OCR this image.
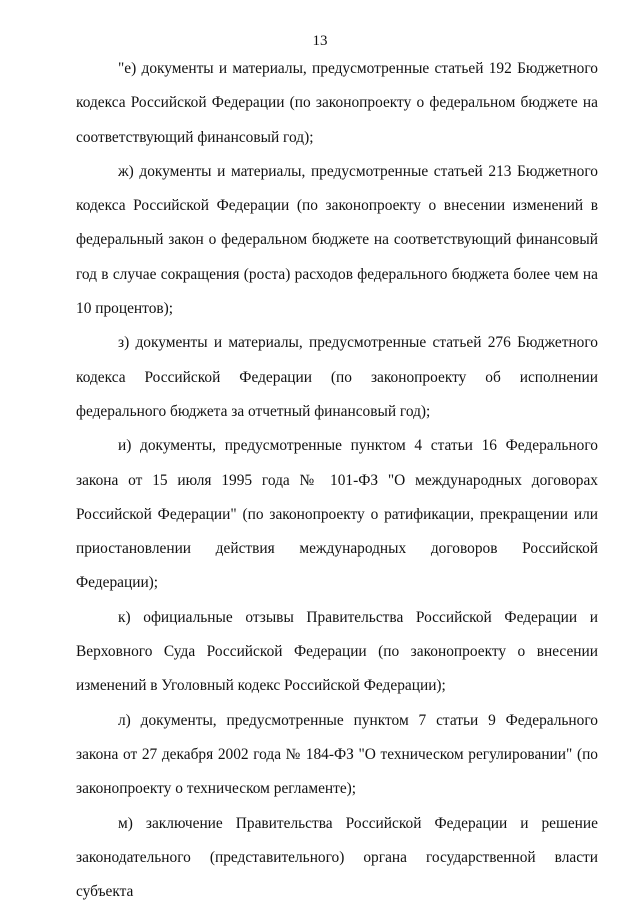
13

"е) документы и материалы, предусмотренные статьей 192 Бюджетного кодекса Российской Федерации (по законопроекту о федеральном бюджете на соответствующий финансовый год);

ж) документы и материалы, предусмотренные статьей 213 Бюджетного кодекса Российской Федерации (по законопроекту о внесении изменений в федеральный закон о федеральном бюджете на соответствующий финансовый год в случае сокращения (роста) расходов федерального бюджета более чем на 10 процентов);

з) документы и материалы, предусмотренные статьей 276 Бюджетного кодекса Российской Федерации (по законопроекту об исполнении федерального бюджета за отчетный финансовый год);

и) документы, предусмотренные пунктом 4 статьи 16 Федерального закона от 15 июля 1995 года № 101-ФЗ "О международных договорах Российской Федерации" (по законопроекту о ратификации, прекращении или приостановлении действия международных договоров Российской Федерации);

к) официальные отзывы Правительства Российской Федерации и Верховного Суда Российской Федерации (по законопроекту о внесении изменений в Уголовный кодекс Российской Федерации);

л) документы, предусмотренные пунктом 7 статьи 9 Федерального закона от 27 декабря 2002 года № 184-ФЗ "О техническом регулировании" (по законопроекту о техническом регламенте);

м) заключение Правительства Российской Федерации и решение законодательного (представительного) органа государственной власти субъекта
